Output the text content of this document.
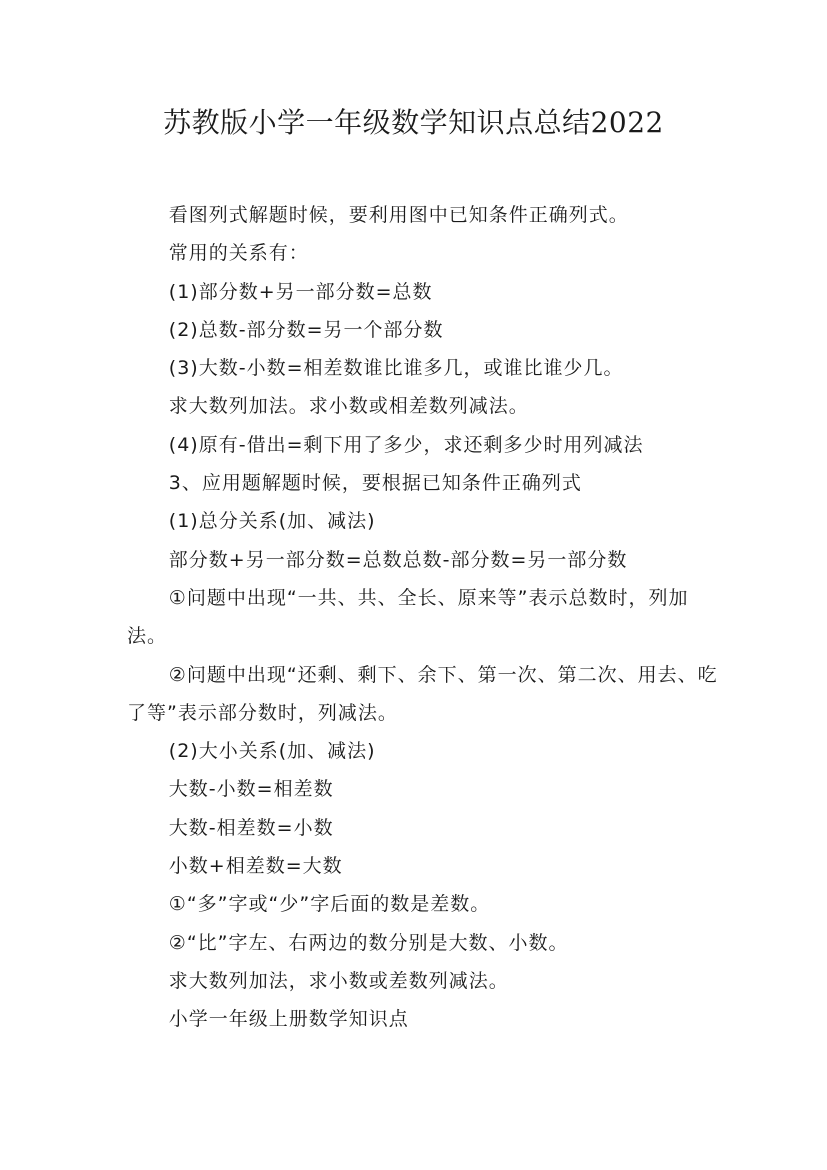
苏教版小学一年级数学知识点总结2022

看图列式解题时候，要利用图中已知条件正确列式。

常用的关系有：

(1)部分数+另一部分数=总数

(2)总数-部分数=另一个部分数

(3)大数-小数=相差数谁比谁多几，或谁比谁少几。

求大数列加法。求小数或相差数列减法。

(4)原有-借出=剩下用了多少，求还剩多少时用列减法

3、应用题解题时候，要根据已知条件正确列式

(1)总分关系(加、减法)

部分数+另一部分数=总数总数-部分数=另一部分数

①问题中出现“一共、共、全长、原来等”表示总数时，列加法。

②问题中出现“还剩、剩下、余下、第一次、第二次、用去、吃了等”表示部分数时，列减法。

(2)大小关系(加、减法)

大数-小数=相差数

大数-相差数=小数

小数+相差数=大数

①“多”字或“少”字后面的数是差数。

②“比”字左、右两边的数分别是大数、小数。

求大数列加法，求小数或差数列减法。

小学一年级上册数学知识点
